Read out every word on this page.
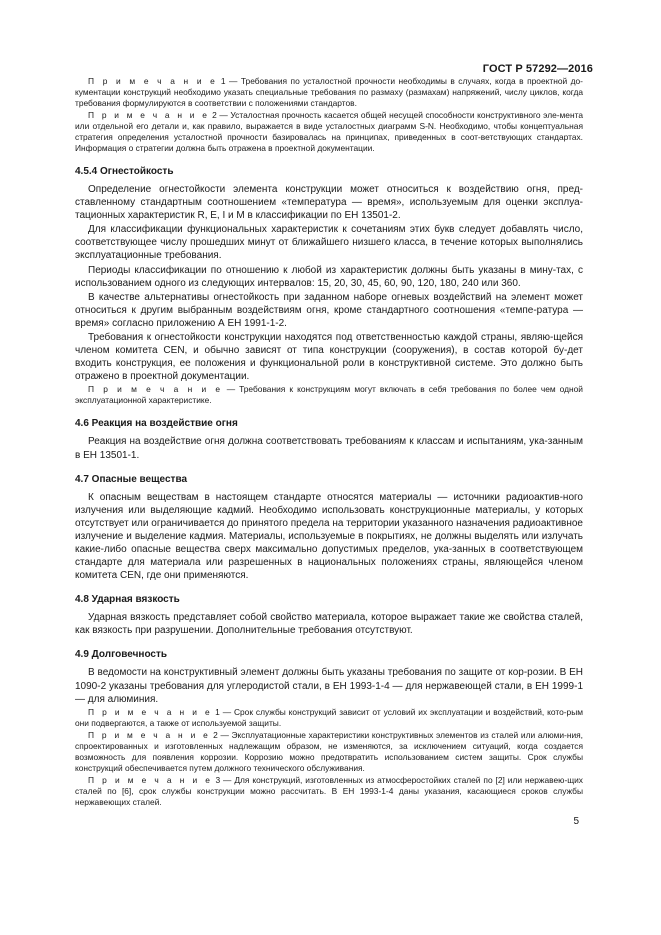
ГОСТ Р 57292—2016

П р и м е ч а н и е 1 — Требования по усталостной прочности необходимы в случаях, когда в проектной до-кументации конструкций необходимо указать специальные требования по размаху (размахам) напряжений, числу циклов, когда требования формулируются в соответствии с положениями стандартов.

П р и м е ч а н и е 2 — Усталостная прочность касается общей несущей способности конструктивного эле-мента или отдельной его детали и, как правило, выражается в виде усталостных диаграмм S-N. Необходимо, чтобы концептуальная стратегия определения усталостной прочности базировалась на принципах, приведенных в соот-ветствующих стандартах. Информация о стратегии должна быть отражена в проектной документации.

4.5.4 Огнестойкость

Определение огнестойкости элемента конструкции может относиться к воздействию огня, пред-ставленному стандартным соотношением «температура — время», используемым для оценки эксплуа-тационных характеристик R, E, I и M в классификации по ЕН 13501-2.

Для классификации функциональных характеристик к сочетаниям этих букв следует добавлять число, соответствующее числу прошедших минут от ближайшего низшего класса, в течение которых выполнялись эксплуатационные требования.

Периоды классификации по отношению к любой из характеристик должны быть указаны в мину-тах, с использованием одного из следующих интервалов: 15, 20, 30, 45, 60, 90, 120, 180, 240 или 360.

В качестве альтернативы огнестойкость при заданном наборе огневых воздействий на элемент может относиться к другим выбранным воздействиям огня, кроме стандартного соотношения «темпе-ратура — время» согласно приложению А ЕН 1991-1-2.

Требования к огнестойкости конструкции находятся под ответственностью каждой страны, являю-щейся членом комитета CEN, и обычно зависят от типа конструкции (сооружения), в состав которой бу-дет входить конструкция, ее положения и функциональной роли в конструктивной системе. Это должно быть отражено в проектной документации.

П р и м е ч а н и е — Требования к конструкциям могут включать в себя требования по более чем одной эксплуатационной характеристике.

4.6 Реакция на воздействие огня

Реакция на воздействие огня должна соответствовать требованиям к классам и испытаниям, ука-занным в ЕН 13501-1.

4.7 Опасные вещества

К опасным веществам в настоящем стандарте относятся материалы — источники радиоактив-ного излучения или выделяющие кадмий. Необходимо использовать конструкционные материалы, у которых отсутствует или ограничивается до принятого предела на территории указанного назначения радиоактивное излучение и выделение кадмия. Материалы, используемые в покрытиях, не должны выделять или излучать какие-либо опасные вещества сверх максимально допустимых пределов, ука-занных в соответствующем стандарте для материала или разрешенных в национальных положениях страны, являющейся членом комитета CEN, где они применяются.

4.8 Ударная вязкость

Ударная вязкость представляет собой свойство материала, которое выражает такие же свойства сталей, как вязкость при разрушении. Дополнительные требования отсутствуют.

4.9 Долговечность

В ведомости на конструктивный элемент должны быть указаны требования по защите от кор-розии. В ЕН 1090-2 указаны требования для углеродистой стали, в ЕН 1993-1-4 — для нержавеющей стали, в ЕН 1999-1 — для алюминия.

П р и м е ч а н и е 1 — Срок службы конструкций зависит от условий их эксплуатации и воздействий, кото-рым они подвергаются, а также от используемой защиты.

П р и м е ч а н и е 2 — Эксплуатационные характеристики конструктивных элементов из сталей или алюми-ния, спроектированных и изготовленных надлежащим образом, не изменяются, за исключением ситуаций, когда создается возможность для появления коррозии. Коррозию можно предотвратить использованием систем защиты. Срок службы конструкций обеспечивается путем должного технического обслуживания.

П р и м е ч а н и е 3 — Для конструкций, изготовленных из атмосферостойких сталей по [2] или нержавею-щих сталей по [6], срок службы конструкции можно рассчитать. В ЕН 1993-1-4 даны указания, касающиеся сроков службы нержавеющих сталей.

5
